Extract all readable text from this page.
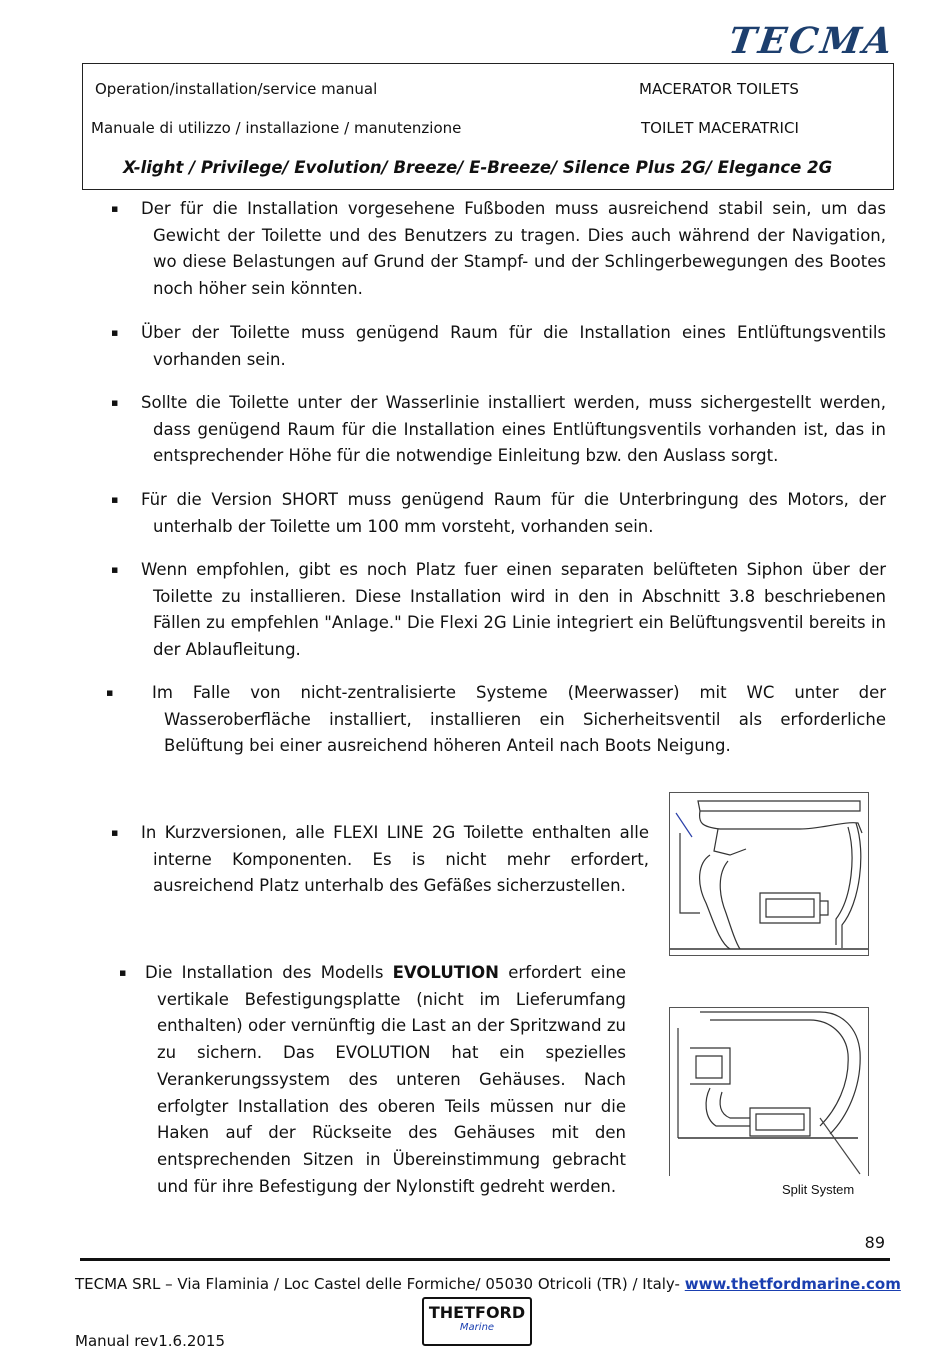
TECMA
Operation/installation/service manual	MACERATOR TOILETS
Manuale di utilizzo / installazione / manutenzione	TOILET MACERATRICI
X-light / Privilege/ Evolution/ Breeze/ E-Breeze/ Silence Plus 2G/ Elegance 2G
▪ Der für die Installation vorgesehene Fußboden muss ausreichend stabil sein, um das Gewicht der Toilette und des Benutzers zu tragen. Dies auch während der Navigation, wo diese Belastungen auf Grund der Stampf- und der Schlingerbewegungen des Bootes noch höher sein könnten.

▪ Über der Toilette muss genügend Raum für die Installation eines Entlüftungsventils vorhanden sein.

▪ Sollte die Toilette unter der Wasserlinie installiert werden, muss sichergestellt werden, dass genügend Raum für die Installation eines Entlüftungsventils vorhanden ist, das in entsprechender Höhe für die notwendige Einleitung bzw. den Auslass sorgt.

▪ Für die Version SHORT muss genügend Raum für die Unterbringung des Motors, der unterhalb der Toilette um 100 mm vorsteht, vorhanden sein.

▪ Wenn empfohlen, gibt es noch Platz fuer einen separaten belüfteten Siphon über der Toilette zu installieren. Diese Installation wird in den in Abschnitt 3.8 beschriebenen Fällen zu empfehlen "Anlage." Die Flexi 2G Linie integriert ein Belüftungsventil bereits in der Ablaufleitung.

▪ Im Falle von nicht-zentralisierte Systeme (Meerwasser) mit WC unter der Wasseroberfläche installiert, installieren ein Sicherheitsventil als erforderliche Belüftung bei einer ausreichend höheren Anteil nach Boots Neigung.

▪ In Kurzversionen, alle FLEXI LINE 2G Toilette enthalten alle interne Komponenten. Es is nicht mehr erfordert, ausreichend Platz unterhalb des Gefäßes sicherzustellen.

▪ Die Installation des Modells EVOLUTION erfordert eine vertikale Befestigungsplatte (nicht im Lieferumfang enthalten) oder vernünftig die Last an der Spritzwand zu zu sichern. Das EVOLUTION hat ein spezielles Verankerungssystem des unteren Gehäuses. Nach erfolgter Installation des oberen Teils müssen nur die Haken auf der Rückseite des Gehäuses mit den entsprechenden Sitzen in Übereinstimmung gebracht und für ihre Befestigung der Nylonstift gedreht werden.	Split System
89
TECMA SRL – Via Flaminia / Loc Castel delle Formiche/ 05030 Otricoli (TR) / Italy- www.thetfordmarine.com
THETFORD
Marine
Manual rev1.6.2015
